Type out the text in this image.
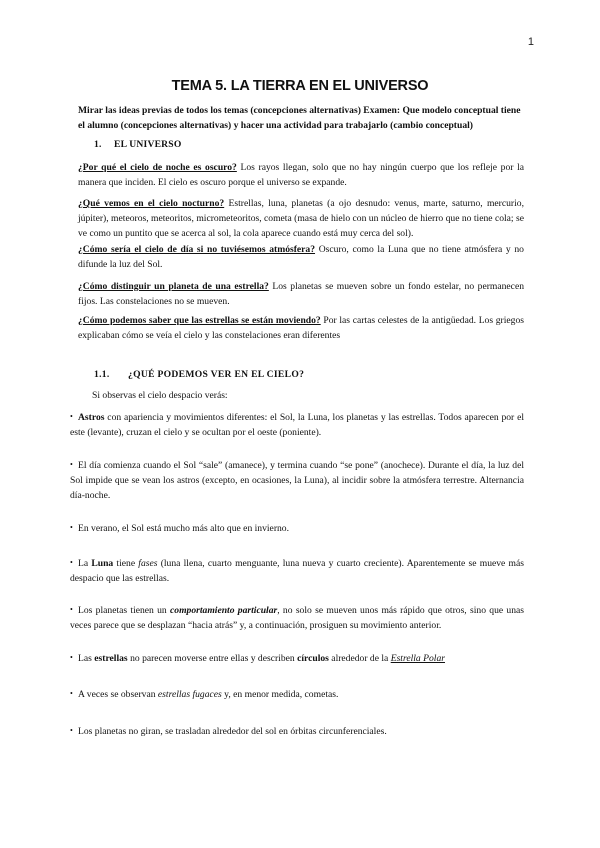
1
TEMA 5. LA TIERRA EN EL UNIVERSO

Mirar las ideas previas de todos los temas (concepciones alternativas) Examen: Que modelo conceptual tiene el alumno (concepciones alternativas) y hacer una actividad para trabajarlo (cambio conceptual)

1. EL UNIVERSO

¿Por qué el cielo de noche es oscuro? Los rayos llegan, solo que no hay ningún cuerpo que los refleje por la manera que inciden. El cielo es oscuro porque el universo se expande.

¿Qué vemos en el cielo nocturno? Estrellas, luna, planetas (a ojo desnudo: venus, marte, saturno, mercurio, júpiter), meteoros, meteoritos, micrometeoritos, cometa (masa de hielo con un núcleo de hierro que no tiene cola; se ve como un puntito que se acerca al sol, la cola aparece cuando está muy cerca del sol).

¿Cómo sería el cielo de día si no tuviésemos atmósfera? Oscuro, como la Luna que no tiene atmósfera y no difunde la luz del Sol.

¿Cómo distinguir un planeta de una estrella? Los planetas se mueven sobre un fondo estelar, no permanecen fijos. Las constelaciones no se mueven.

¿Cómo podemos saber que las estrellas se están moviendo? Por las cartas celestes de la antigüedad. Los griegos explicaban cómo se veía el cielo y las constelaciones eran diferentes

1.1. ¿QUÉ PODEMOS VER EN EL CIELO?

Si observas el cielo despacio verás:

• Astros con apariencia y movimientos diferentes: el Sol, la Luna, los planetas y las estrellas. Todos aparecen por el este (levante), cruzan el cielo y se ocultan por el oeste (poniente).

• El día comienza cuando el Sol “sale” (amanece), y termina cuando “se pone” (anochece). Durante el día, la luz del Sol impide que se vean los astros (excepto, en ocasiones, la Luna), al incidir sobre la atmósfera terrestre. Alternancia día-noche.

• En verano, el Sol está mucho más alto que en invierno.

• La Luna tiene fases (luna llena, cuarto menguante, luna nueva y cuarto creciente). Aparentemente se mueve más despacio que las estrellas.

• Los planetas tienen un comportamiento particular, no solo se mueven unos más rápido que otros, sino que unas veces parece que se desplazan “hacia atrás” y, a continuación, prosiguen su movimiento anterior.

• Las estrellas no parecen moverse entre ellas y describen círculos alrededor de la Estrella Polar

• A veces se observan estrellas fugaces y, en menor medida, cometas.

• Los planetas no giran, se trasladan alrededor del sol en órbitas circunferenciales.
